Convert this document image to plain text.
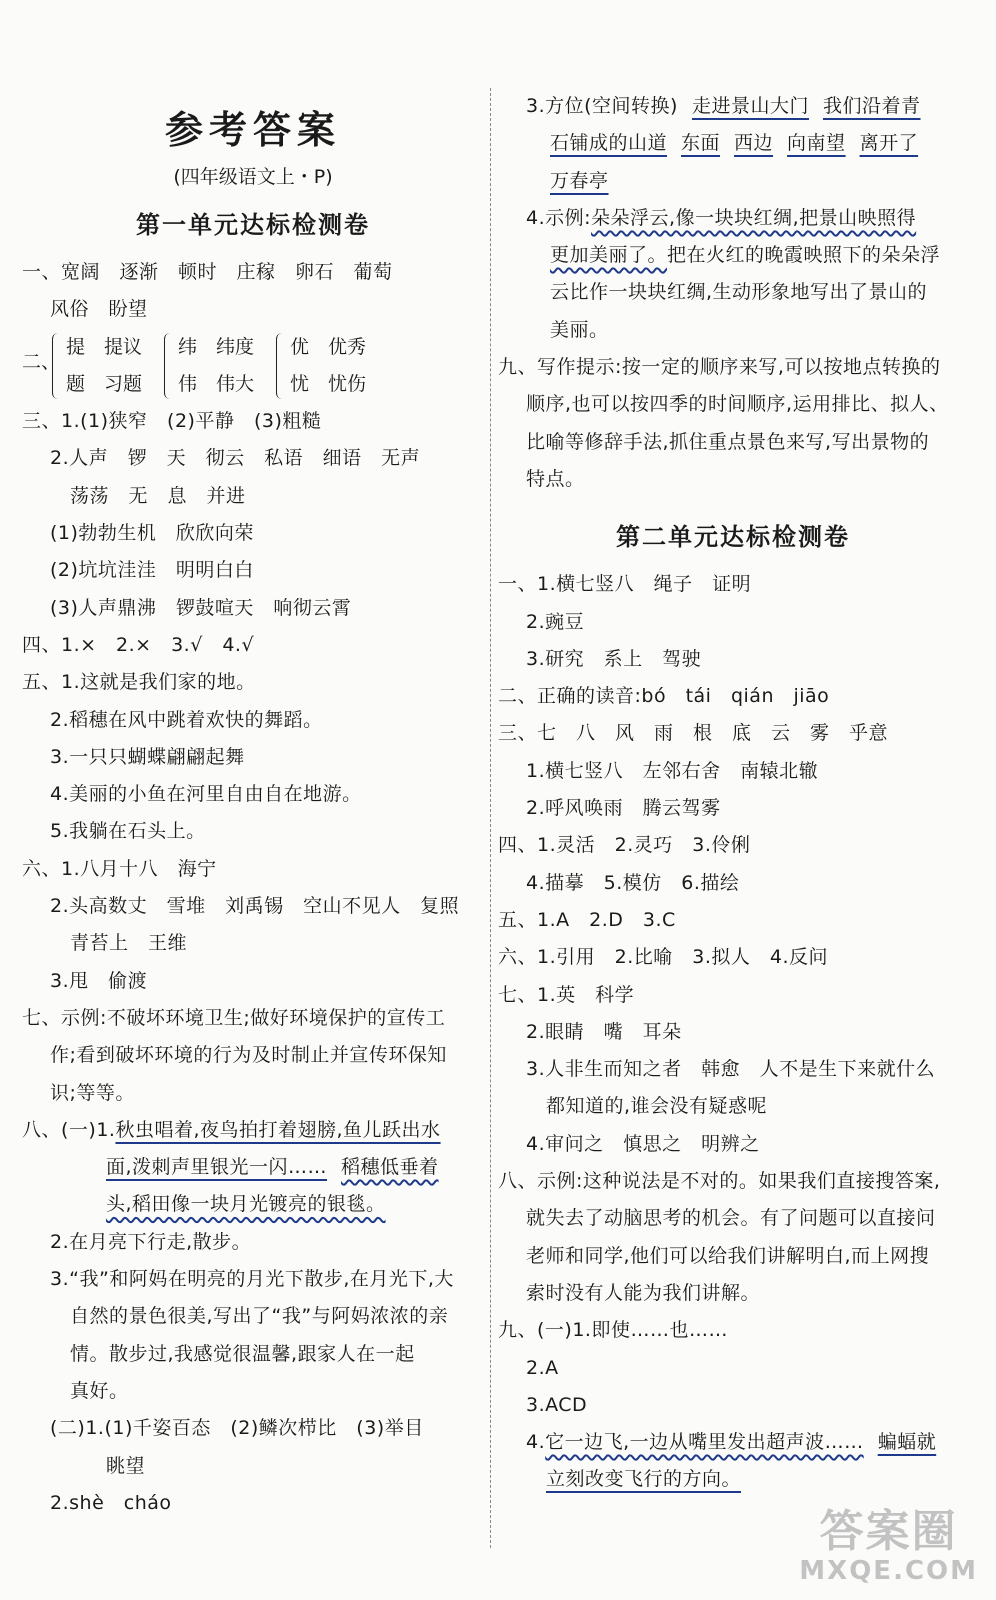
参考答案
(四年级语文上・P)
第一单元达标检测卷
一、宽阔　逐渐　顿时　庄稼　卵石　葡萄
风俗　盼望
二、
提　提议
题　习题
纬　纬度
伟　伟大
优　优秀
忧　忧伤
三、1.(1)狭窄　(2)平静　(3)粗糙
2.人声　锣　天　彻云　私语　细语　无声
荡荡　无　息　并进
(1)勃勃生机　欣欣向荣
(2)坑坑洼洼　明明白白
(3)人声鼎沸　锣鼓喧天　响彻云霄
四、1.×　2.×　3.√　4.√
五、1.这就是我们家的地。
2.稻穗在风中跳着欢快的舞蹈。
3.一只只蝴蝶翩翩起舞
4.美丽的小鱼在河里自由自在地游。
5.我躺在石头上。
六、1.八月十八　海宁
2.头高数丈　雪堆　刘禹锡　空山不见人　复照
青苔上　王维
3.甩　偷渡
七、示例:不破坏环境卫生;做好环境保护的宣传工
作;看到破坏环境的行为及时制止并宣传环保知
识;等等。
八、(一)1.秋虫唱着,夜鸟拍打着翅膀,鱼儿跃出水
面,泼刺声里银光一闪…… 稻穗低垂着
头,稻田像一块月光镀亮的银毯。
2.在月亮下行走,散步。
3.“我”和阿妈在明亮的月光下散步,在月光下,大
自然的景色很美,写出了“我”与阿妈浓浓的亲
情。散步过,我感觉很温馨,跟家人在一起
真好。
(二)1.(1)千姿百态　(2)鳞次栉比　(3)举目
眺望
2.shè　cháo
3.方位(空间转换) 走进景山大门 我们沿着青
石铺成的山道 东面 西边 向南望 离开了
万春亭
4.示例:朵朵浮云,像一块块红绸,把景山映照得
更加美丽了。把在火红的晚霞映照下的朵朵浮
云比作一块块红绸,生动形象地写出了景山的
美丽。
九、写作提示:按一定的顺序来写,可以按地点转换的
顺序,也可以按四季的时间顺序,运用排比、拟人、
比喻等修辞手法,抓住重点景色来写,写出景物的
特点。
第二单元达标检测卷
一、1.横七竖八　绳子　证明
2.豌豆
3.研究　系上　驾驶
二、正确的读音:bó　tái　qián　jiāo
三、七　八　风　雨　根　底　云　雾　乎意
1.横七竖八　左邻右舍　南辕北辙
2.呼风唤雨　腾云驾雾
四、1.灵活　2.灵巧　3.伶俐
4.描摹　5.模仿　6.描绘
五、1.A　2.D　3.C
六、1.引用　2.比喻　3.拟人　4.反问
七、1.英　科学
2.眼睛　嘴　耳朵
3.人非生而知之者　韩愈　人不是生下来就什么
都知道的,谁会没有疑惑呢
4.审问之　慎思之　明辨之
八、示例:这种说法是不对的。如果我们直接搜答案,
就失去了动脑思考的机会。有了问题可以直接问
老师和同学,他们可以给我们讲解明白,而上网搜
索时没有人能为我们讲解。
九、(一)1.即使……也……
2.A
3.ACD
4.它一边飞,一边从嘴里发出超声波…… 蝙蝠就
立刻改变飞行的方向。
答案圈
MXQE.COM
